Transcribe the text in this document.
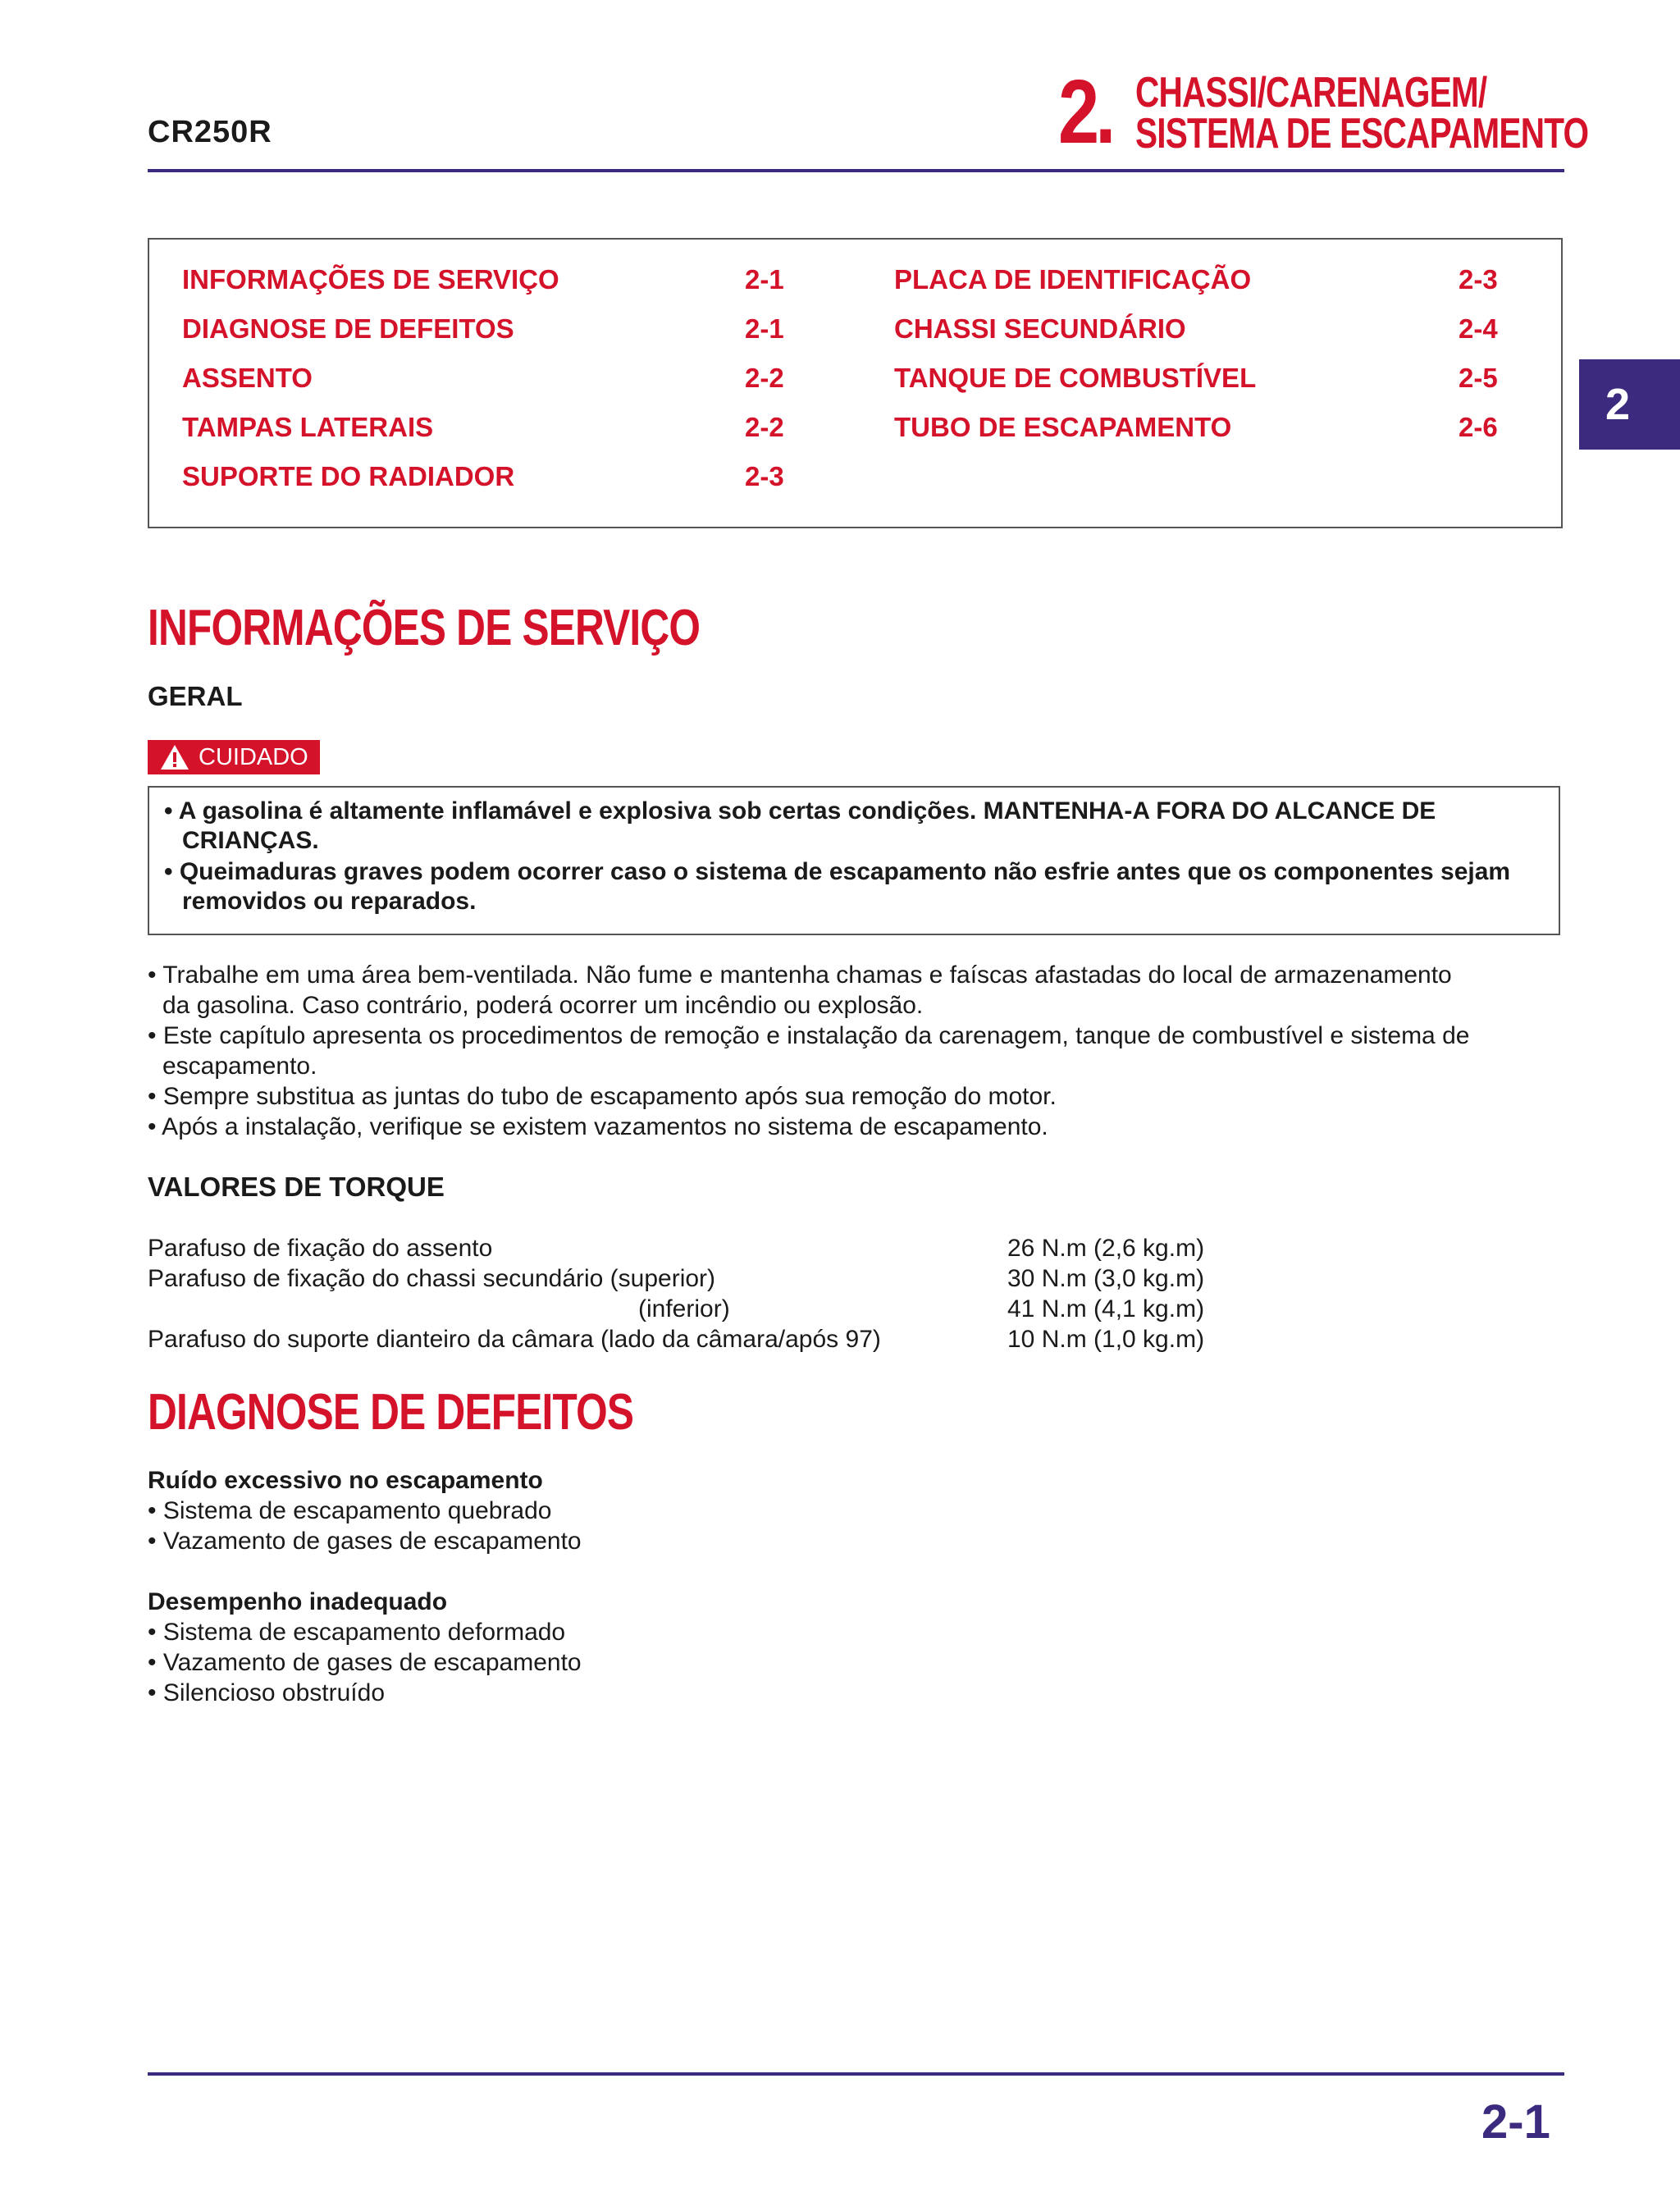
CR250R	2. CHASSI/CARENAGEM/
SISTEMA DE ESCAPAMENTO
2
INFORMAÇÕES DE SERVIÇO	2-1
DIAGNOSE DE DEFEITOS	2-1
ASSENTO	2-2
TAMPAS LATERAIS	2-2
SUPORTE DO RADIADOR	2-3
PLACA DE IDENTIFICAÇÃO	2-3
CHASSI SECUNDÁRIO	2-4
TANQUE DE COMBUSTÍVEL	2-5
TUBO DE ESCAPAMENTO	2-6
INFORMAÇÕES DE SERVIÇO
GERAL
CUIDADO
• A gasolina é altamente inflamável e explosiva sob certas condições. MANTENHA-A FORA DO ALCANCE DE
CRIANÇAS.
• Queimaduras graves podem ocorrer caso o sistema de escapamento não esfrie antes que os componentes sejam
removidos ou reparados.
• Trabalhe em uma área bem-ventilada. Não fume e mantenha chamas e faíscas afastadas do local de armazenamento
da gasolina. Caso contrário, poderá ocorrer um incêndio ou explosão.
• Este capítulo apresenta os procedimentos de remoção e instalação da carenagem, tanque de combustível e sistema de
escapamento.
• Sempre substitua as juntas do tubo de escapamento após sua remoção do motor.
• Após a instalação, verifique se existem vazamentos no sistema de escapamento.
VALORES DE TORQUE
Parafuso de fixação do assento	26 N.m (2,6 kg.m)
Parafuso de fixação do chassi secundário (superior)	30 N.m (3,0 kg.m)
(inferior)	41 N.m (4,1 kg.m)
Parafuso do suporte dianteiro da câmara (lado da câmara/após 97)	10 N.m (1,0 kg.m)
DIAGNOSE DE DEFEITOS
Ruído excessivo no escapamento
• Sistema de escapamento quebrado
• Vazamento de gases de escapamento
Desempenho inadequado
• Sistema de escapamento deformado
• Vazamento de gases de escapamento
• Silencioso obstruído
2-1
